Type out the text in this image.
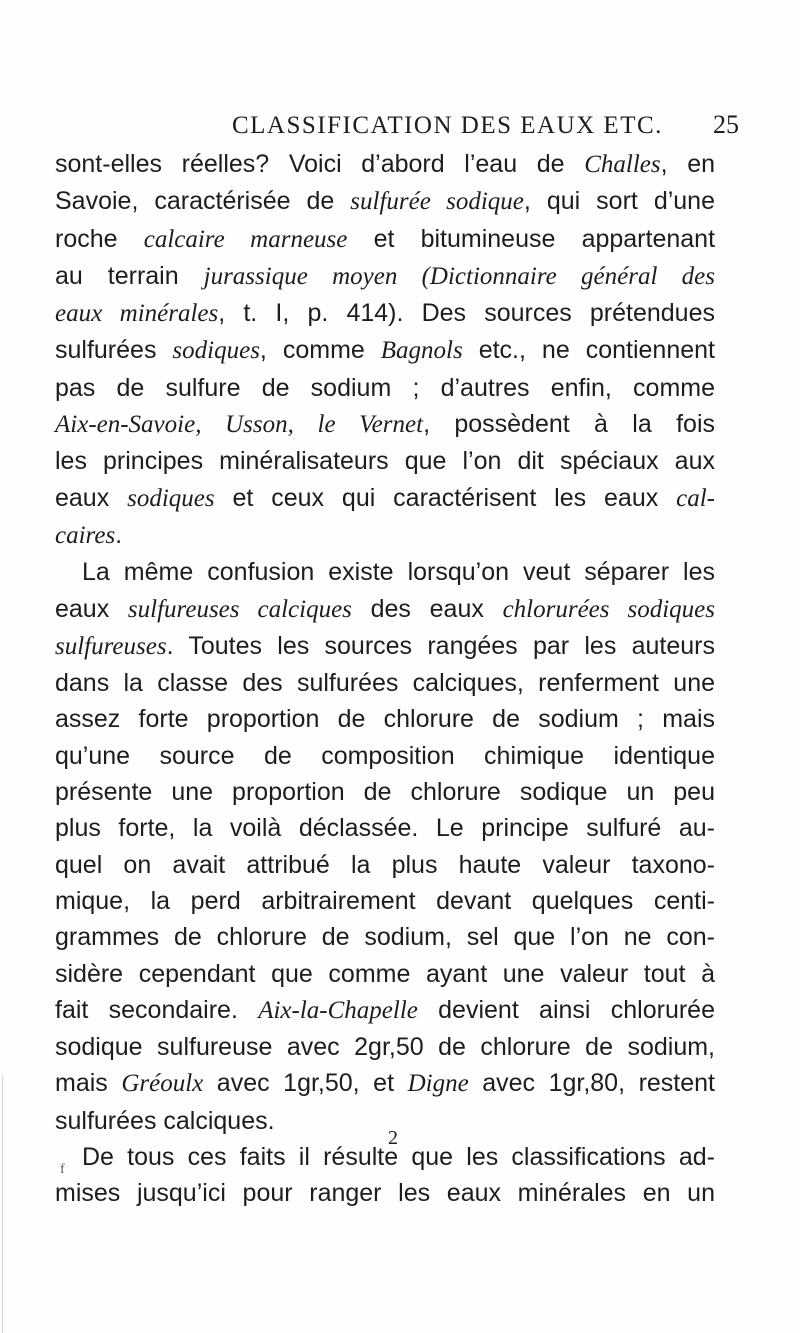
CLASSIFICATION DES EAUX ETC. 25
sont-elles réelles? Voici d’abord l’eau de Challes, en
Savoie, caractérisée de sulfurée sodique, qui sort d’une
roche calcaire marneuse et bitumineuse appartenant
au terrain jurassique moyen (Dictionnaire général des
eaux minérales, t. I, p. 414). Des sources prétendues
sulfurées sodiques, comme Bagnols etc., ne contiennent
pas de sulfure de sodium ; d’autres enfin, comme
Aix-en-Savoie, Usson, le Vernet, possèdent à la fois
les principes minéralisateurs que l’on dit spéciaux aux
eaux sodiques et ceux qui caractérisent les eaux cal-
caires.
La même confusion existe lorsqu’on veut séparer les
eaux sulfureuses calciques des eaux chlorurées sodiques
sulfureuses. Toutes les sources rangées par les auteurs
dans la classe des sulfurées calciques, renferment une
assez forte proportion de chlorure de sodium ; mais
qu’une source de composition chimique identique
présente une proportion de chlorure sodique un peu
plus forte, la voilà déclassée. Le principe sulfuré au-
quel on avait attribué la plus haute valeur taxono-
mique, la perd arbitrairement devant quelques centi-
grammes de chlorure de sodium, sel que l’on ne con-
sidère cependant que comme ayant une valeur tout à
fait secondaire. Aix-la-Chapelle devient ainsi chlorurée
sodique sulfureuse avec 2gr,50 de chlorure de sodium,
mais Gréoulx avec 1gr,50, et Digne avec 1gr,80, restent
sulfurées calciques.
De tous ces faits il résulte que les classifications ad-
mises jusqu’ici pour ranger les eaux minérales en un
2
f
